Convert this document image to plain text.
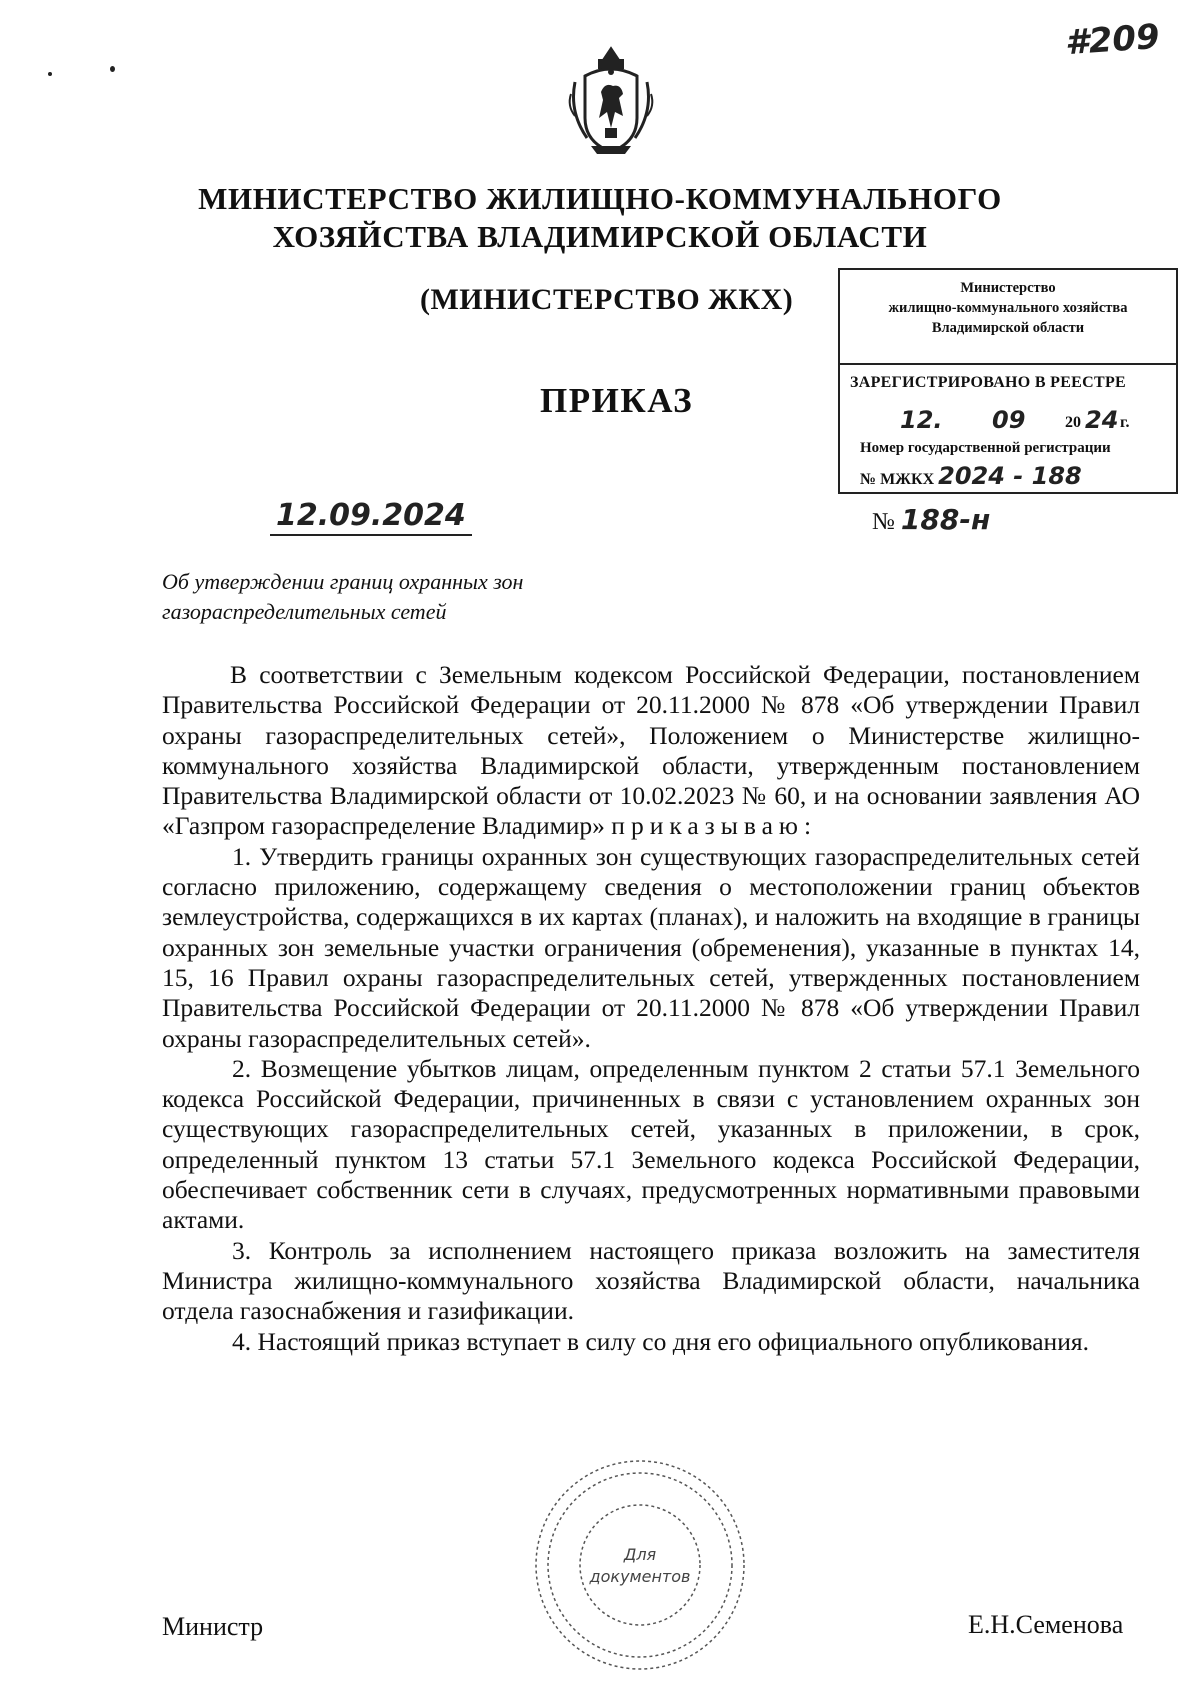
#209
МИНИСТЕРСТВО ЖИЛИЩНО-КОММУНАЛЬНОГО
ХОЗЯЙСТВА ВЛАДИМИРСКОЙ ОБЛАСТИ
(МИНИСТЕРСТВО ЖКХ)
ПРИКАЗ
Министерство
жилищно-коммунального хозяйства
Владимирской области
ЗАРЕГИСТРИРОВАНО В РЕЕСТРЕ
12. 09 20 24 г.
Номер государственной регистрации
№ МЖКХ 2024 - 188
12.09.2024	№ 188-н
Об утверждении границ охранных зон
газораспределительных сетей

В соответствии с Земельным кодексом Российской Федерации, постановлением Правительства Российской Федерации от 20.11.2000 № 878 «Об утверждении Правил охраны газораспределительных сетей», Положением о Министерстве жилищно-коммунального хозяйства Владимирской области, утвержденным постановлением Правительства Владимирской области от 10.02.2023 № 60, и на основании заявления АО «Газпром газораспределение Владимир» приказываю:

1. Утвердить границы охранных зон существующих газораспределительных сетей согласно приложению, содержащему сведения о местоположении границ объектов землеустройства, содержащихся в их картах (планах), и наложить на входящие в границы охранных зон земельные участки ограничения (обременения), указанные в пунктах 14, 15, 16 Правил охраны газораспределительных сетей, утвержденных постановлением Правительства Российской Федерации от 20.11.2000 № 878 «Об утверждении Правил охраны газораспределительных сетей».

2. Возмещение убытков лицам, определенным пунктом 2 статьи 57.1 Земельного кодекса Российской Федерации, причиненных в связи с установлением охранных зон существующих газораспределительных сетей, указанных в приложении, в срок, определенный пунктом 13 статьи 57.1 Земельного кодекса Российской Федерации, обеспечивает собственник сети в случаях, предусмотренных нормативными правовыми актами.

3. Контроль за исполнением настоящего приказа возложить на заместителя Министра жилищно-коммунального хозяйства Владимирской области, начальника отдела газоснабжения и газификации.

4. Настоящий приказ вступает в силу со дня его официального опубликования.

Для
документов
Министр	Е.Н.Семенова
